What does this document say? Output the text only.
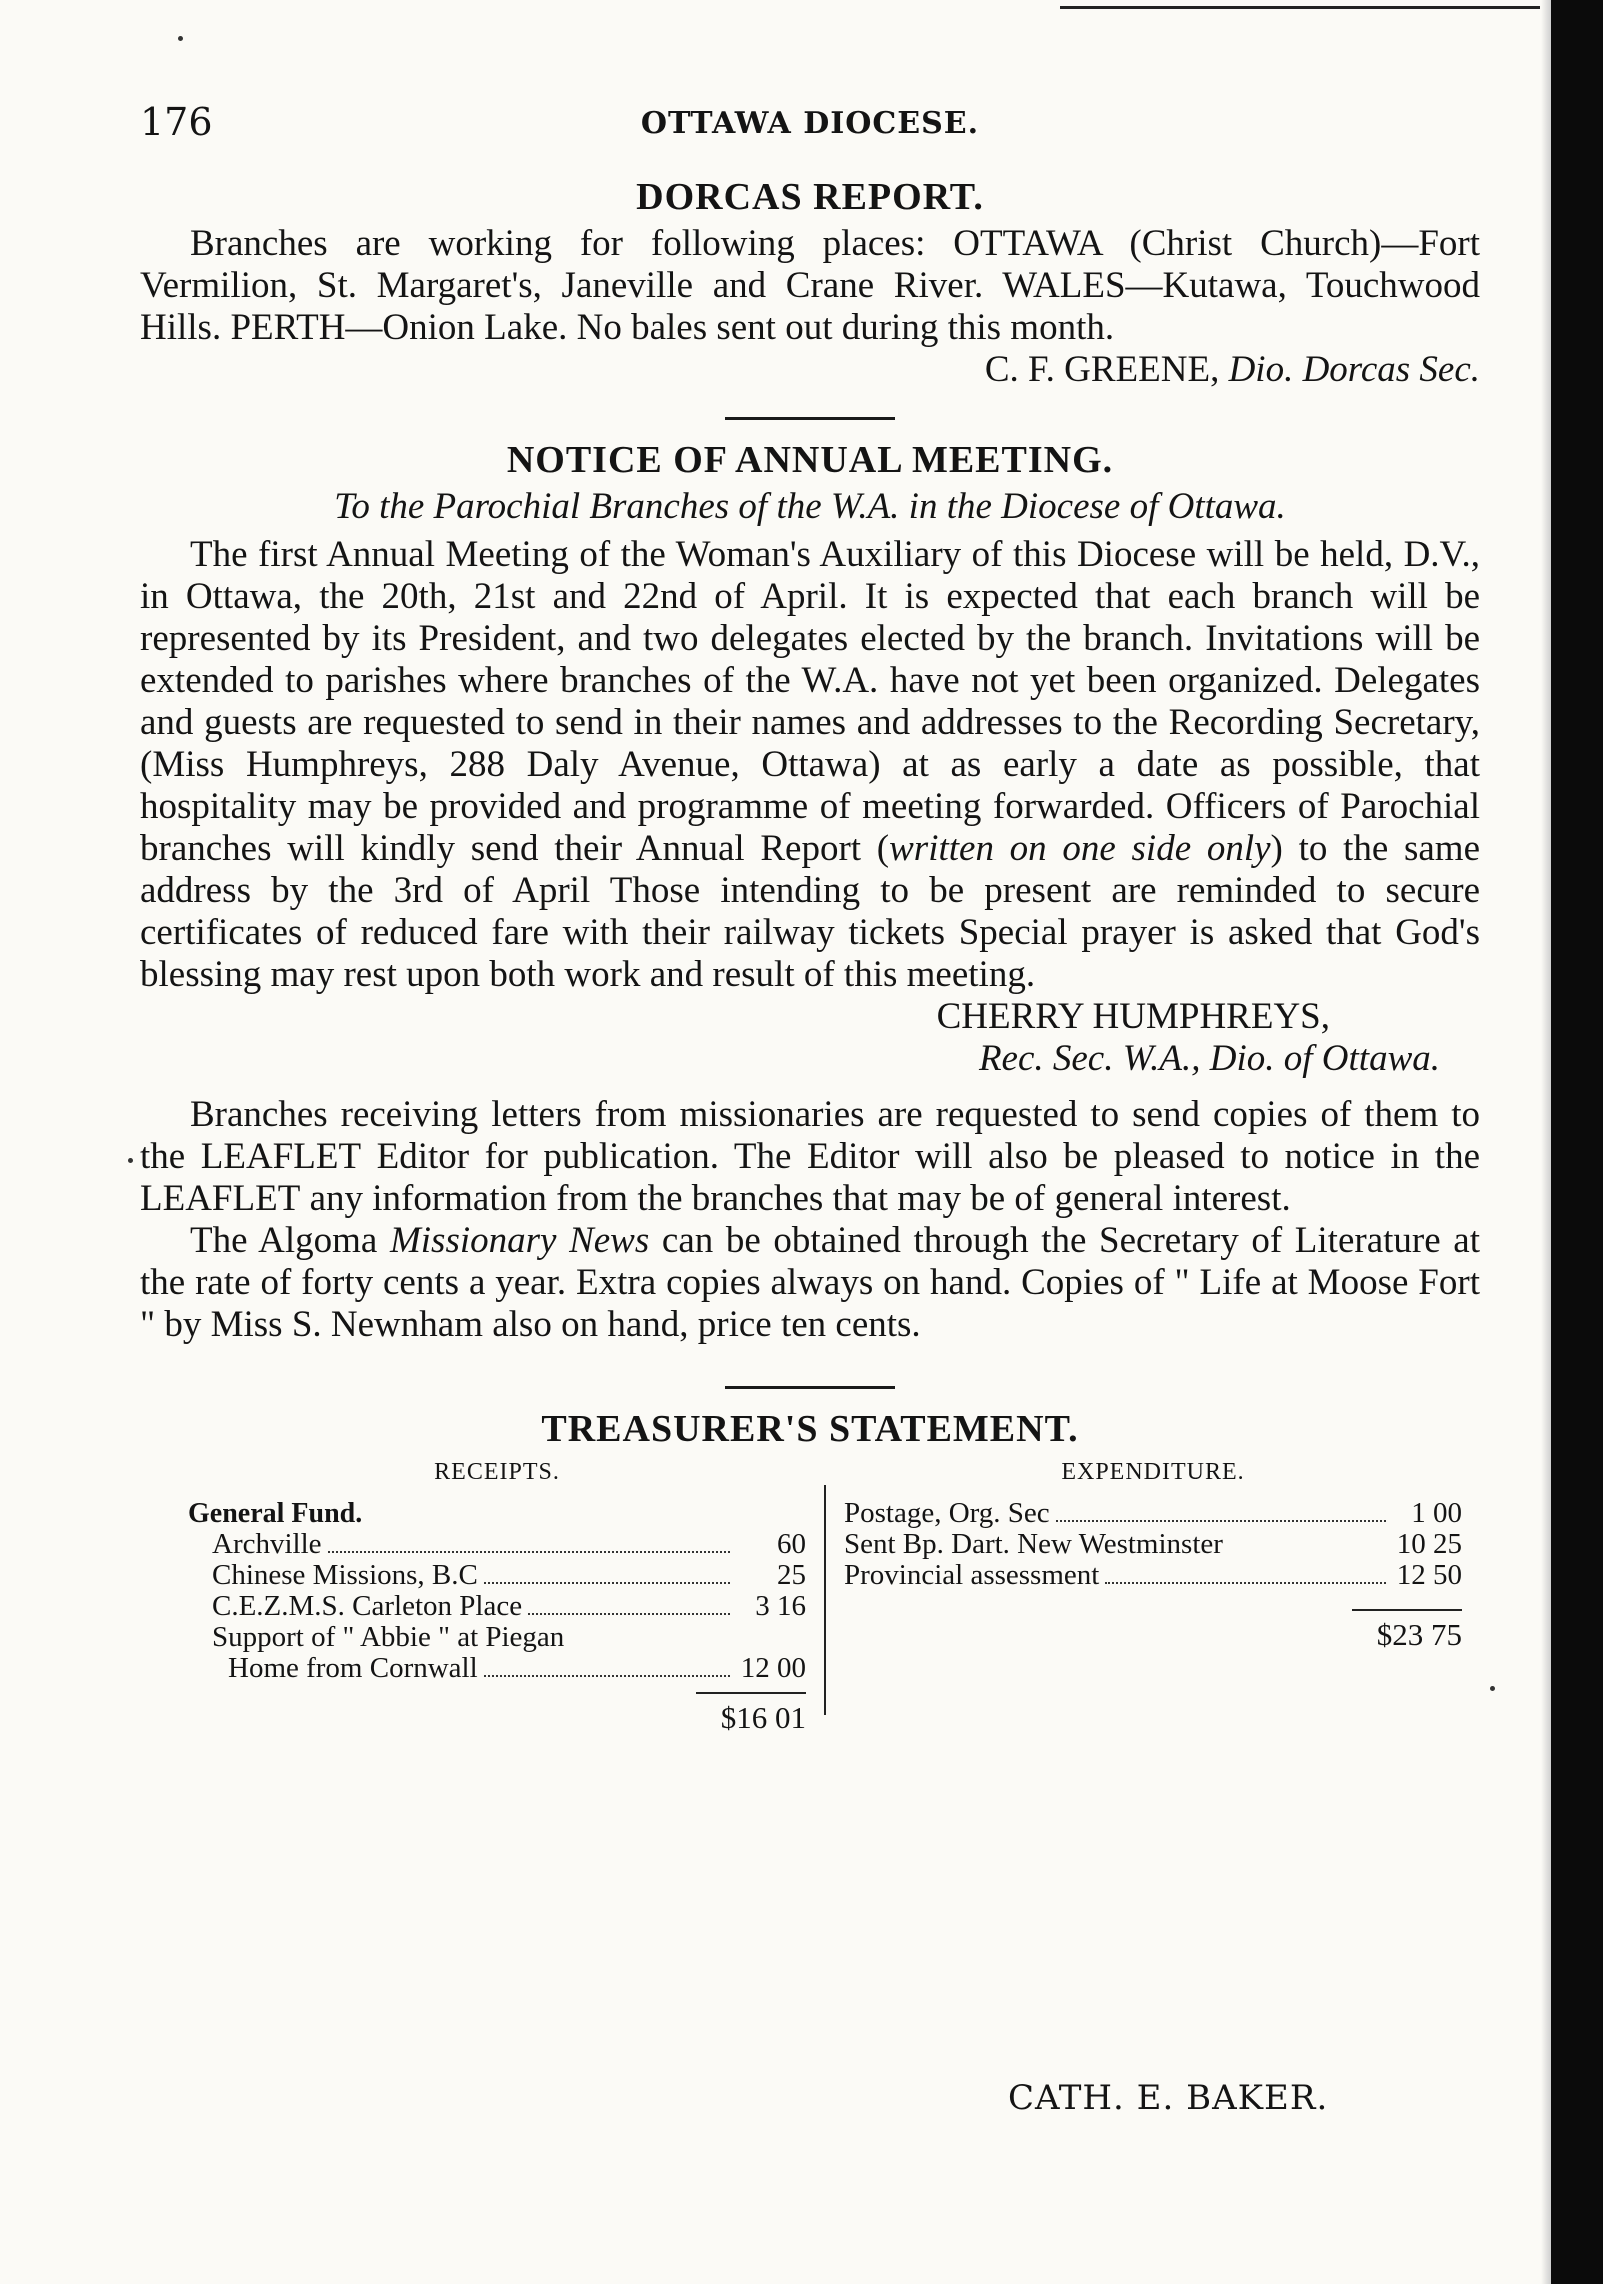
176	OTTAWA DIOCESE.
DORCAS REPORT.

Branches are working for following places: OTTAWA (Christ Church)—Fort Vermilion, St. Margaret's, Janeville and Crane River. WALES—Kutawa, Touchwood Hills. PERTH—Onion Lake. No bales sent out during this month.

C. F. GREENE, Dio. Dorcas Sec.

NOTICE OF ANNUAL MEETING.

To the Parochial Branches of the W.A. in the Diocese of Ottawa.

The first Annual Meeting of the Woman's Auxiliary of this Diocese will be held, D.V., in Ottawa, the 20th, 21st and 22nd of April. It is expected that each branch will be represented by its President, and two delegates elected by the branch. Invitations will be extended to parishes where branches of the W.A. have not yet been organized. Delegates and guests are requested to send in their names and addresses to the Recording Secretary, (Miss Humphreys, 288 Daly Avenue, Ottawa) at as early a date as possible, that hospitality may be provided and programme of meeting forwarded. Officers of Parochial branches will kindly send their Annual Report (written on one side only) to the same address by the 3rd of April Those intending to be present are reminded to secure certificates of reduced fare with their railway tickets Special prayer is asked that God's blessing may rest upon both work and result of this meeting.

CHERRY HUMPHREYS,

Rec. Sec. W.A., Dio. of Ottawa.

Branches receiving letters from missionaries are requested to send copies of them to the LEAFLET Editor for publication. The Editor will also be pleased to notice in the LEAFLET any information from the branches that may be of general interest.

The Algoma Missionary News can be obtained through the Secretary of Literature at the rate of forty cents a year. Extra copies always on hand. Copies of " Life at Moose Fort " by Miss S. Newnham also on hand, price ten cents.

TREASURER'S STATEMENT.
RECEIPTS.
General Fund.
Archville	60
Chinese Missions, B.C	25
C.E.Z.M.S. Carleton Place	3 16
Support of " Abbie " at Piegan
Home from Cornwall	12 00
$16 01
EXPENDITURE.
Postage, Org. Sec	1 00
Sent Bp. Dart. New Westminster	10 25
Provincial assessment	12 50
$23 75
CATH. E. BAKER.
